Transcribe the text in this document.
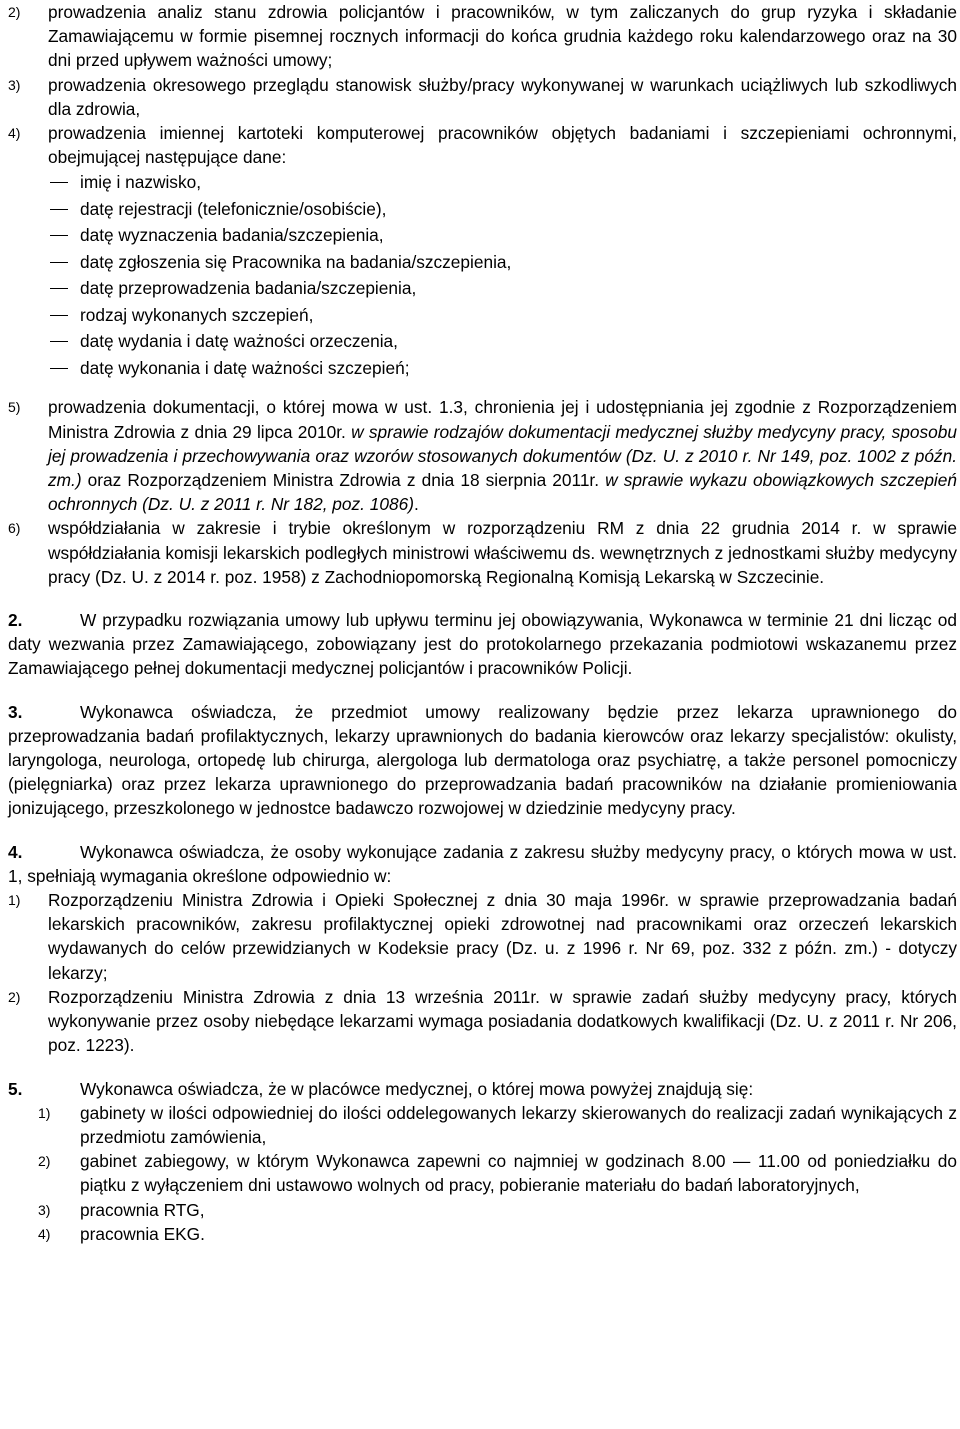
2) prowadzenia analiz stanu zdrowia policjantów i pracowników, w tym zaliczanych do grup ryzyka i składanie Zamawiającemu w formie pisemnej rocznych informacji do końca grudnia każdego roku kalendarzowego oraz na 30 dni przed upływem ważności umowy;
3) prowadzenia okresowego przeglądu stanowisk służby/pracy wykonywanej w warunkach uciążliwych lub szkodliwych dla zdrowia,
4) prowadzenia imiennej kartoteki komputerowej pracowników objętych badaniami i szczepieniami ochronnymi, obejmującej następujące dane:
imię i nazwisko,
datę rejestracji (telefonicznie/osobiście),
datę wyznaczenia badania/szczepienia,
datę zgłoszenia się Pracownika na badania/szczepienia,
datę przeprowadzenia badania/szczepienia,
rodzaj wykonanych szczepień,
datę wydania i datę ważności orzeczenia,
datę wykonania i datę ważności szczepień;
5) prowadzenia dokumentacji, o której mowa w ust. 1.3, chronienia jej i udostępniania jej zgodnie z Rozporządzeniem Ministra Zdrowia z dnia 29 lipca 2010r. w sprawie rodzajów dokumentacji medycznej służby medycyny pracy, sposobu jej prowadzenia i przechowywania oraz wzorów stosowanych dokumentów (Dz. U. z 2010 r. Nr 149, poz. 1002 z późn. zm.) oraz Rozporządzeniem Ministra Zdrowia z dnia 18 sierpnia 2011r. w sprawie wykazu obowiązkowych szczepień ochronnych (Dz. U. z 2011 r. Nr 182, poz. 1086).
6) współdziałania w zakresie i trybie określonym w rozporządzeniu RM z dnia 22 grudnia 2014 r. w sprawie współdziałania komisji lekarskich podległych ministrowi właściwemu ds. wewnętrznych z jednostkami służby medycyny pracy (Dz. U. z 2014 r. poz. 1958) z Zachodniopomorską Regionalną Komisją Lekarską w Szczecinie.
2.	W przypadku rozwiązania umowy lub upływu terminu jej obowiązywania, Wykonawca w terminie 21 dni licząc od daty wezwania przez Zamawiającego, zobowiązany jest do protokolarnego przekazania podmiotowi wskazanemu przez Zamawiającego pełnej dokumentacji medycznej policjantów i pracowników Policji.
3.	Wykonawca oświadcza, że przedmiot umowy realizowany będzie przez lekarza uprawnionego do przeprowadzania badań profilaktycznych, lekarzy uprawnionych do badania kierowców oraz lekarzy specjalistów: okulisty, laryngologa, neurologa, ortopedę lub chirurga, alergologa lub dermatologa oraz psychiatrę, a także personel pomocniczy (pielęgniarka) oraz przez lekarza uprawnionego do przeprowadzania badań pracowników na działanie promieniowania jonizującego, przeszkolonego w jednostce badawczo rozwojowej w dziedzinie medycyny pracy.
4.	Wykonawca oświadcza, że osoby wykonujące zadania z zakresu służby medycyny pracy, o których mowa w ust. 1, spełniają wymagania określone odpowiednio w:
1) Rozporządzeniu Ministra Zdrowia i Opieki Społecznej z dnia 30 maja 1996r. w sprawie przeprowadzania badań lekarskich pracowników, zakresu profilaktycznej opieki zdrowotnej nad pracownikami oraz orzeczeń lekarskich wydawanych do celów przewidzianych w Kodeksie pracy (Dz. u. z 1996 r. Nr 69, poz. 332 z późn. zm.) - dotyczy lekarzy;
2) Rozporządzeniu Ministra Zdrowia z dnia 13 września 2011r. w sprawie zadań służby medycyny pracy, których wykonywanie przez osoby niebędące lekarzami wymaga posiadania dodatkowych kwalifikacji (Dz. U. z 2011 r. Nr 206, poz. 1223).
5.	Wykonawca oświadcza, że w placówce medycznej, o której mowa powyżej znajdują się:
1) gabinety w ilości odpowiedniej do ilości oddelegowanych lekarzy skierowanych do realizacji zadań wynikających z przedmiotu zamówienia,
2) gabinet zabiegowy, w którym Wykonawca zapewni co najmniej w godzinach 8.00 — 11.00 od poniedziałku do piątku z wyłączeniem dni ustawowo wolnych od pracy, pobieranie materiału do badań laboratoryjnych,
3) pracownia RTG,
4) pracownia EKG.
